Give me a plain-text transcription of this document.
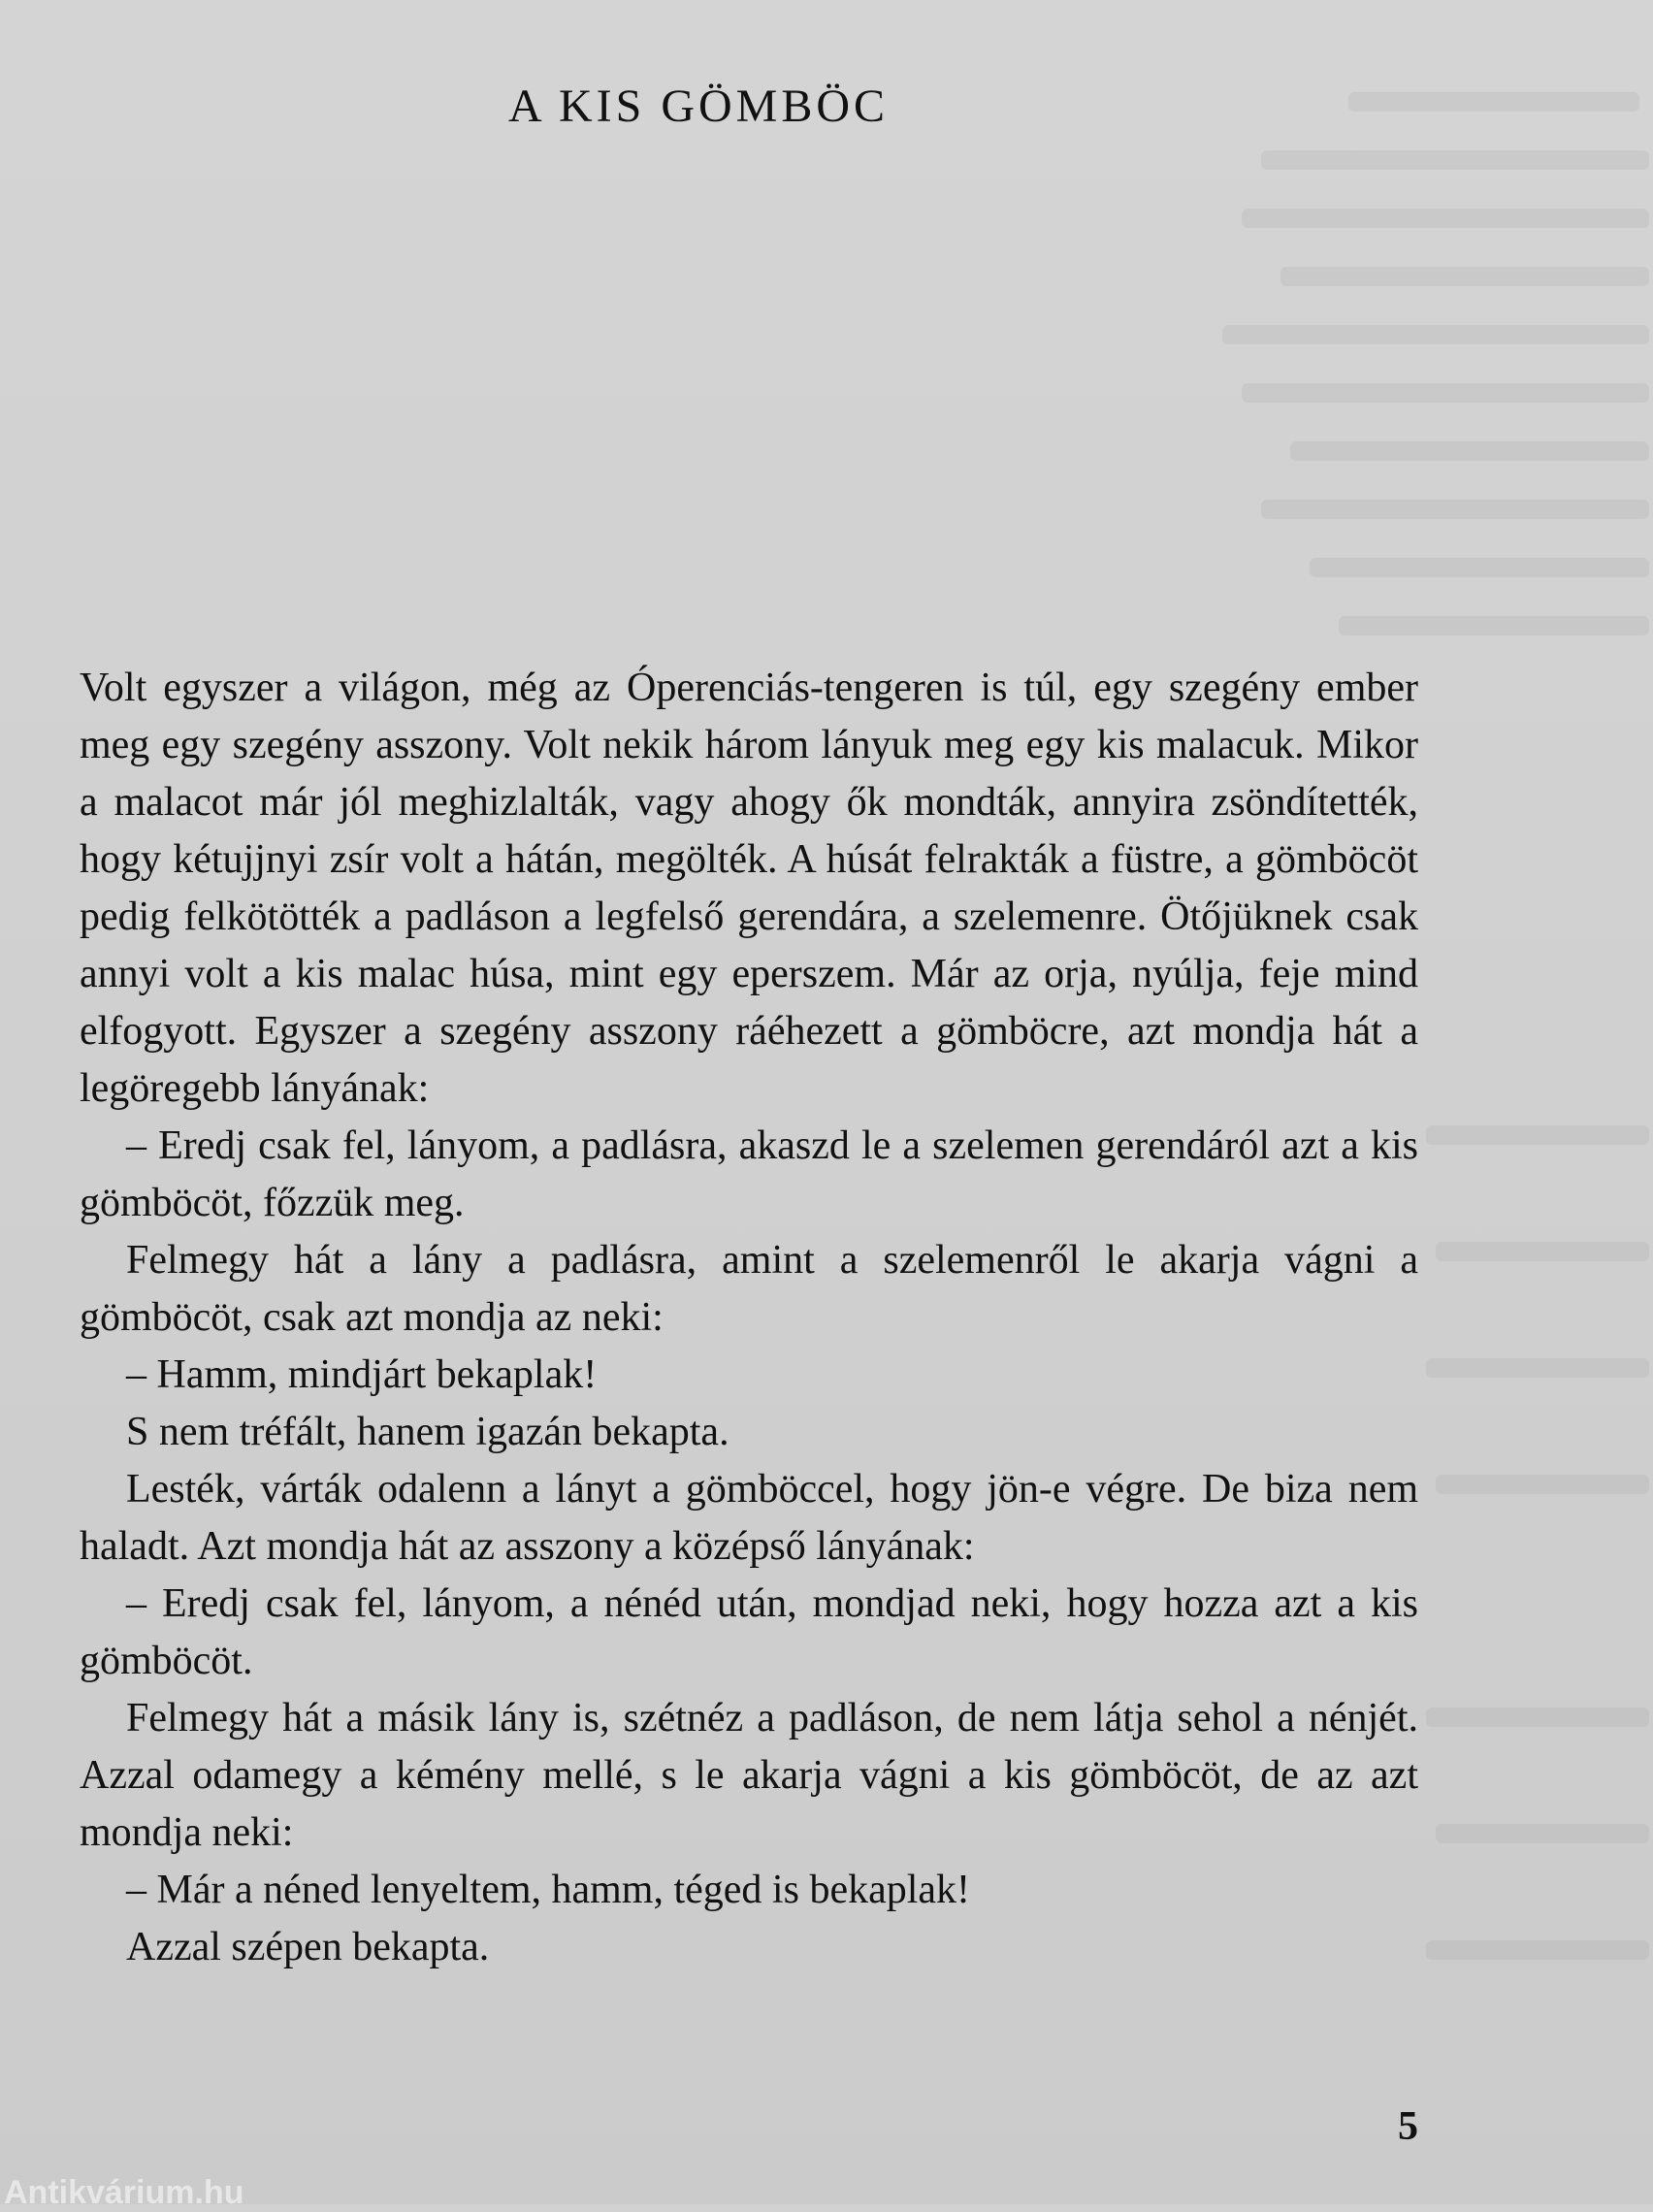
A KIS GÖMBÖC

Volt egyszer a világon, még az Óperenciás-tengeren is túl, egy szegény ember meg egy szegény asszony. Volt nekik három lányuk meg egy kis malacuk. Mikor a malacot már jól meghizlalták, vagy ahogy ők mondták, annyira zsöndítették, hogy kétujjnyi zsír volt a hátán, megölték. A húsát felrakták a füstre, a gömböcöt pedig felkötötték a padláson a legfelső gerendára, a szelemenre. Ötőjüknek csak annyi volt a kis malac húsa, mint egy eperszem. Már az orja, nyúlja, feje mind elfogyott. Egyszer a szegény asszony ráéhezett a gömböcre, azt mondja hát a legöregebb lányának:

– Eredj csak fel, lányom, a padlásra, akaszd le a szelemen gerendáról azt a kis gömböcöt, főzzük meg.

Felmegy hát a lány a padlásra, amint a szelemenről le akarja vágni a gömböcöt, csak azt mondja az neki:

– Hamm, mindjárt bekaplak!

S nem tréfált, hanem igazán bekapta.

Lesték, várták odalenn a lányt a gömböccel, hogy jön-e végre. De biza nem haladt. Azt mondja hát az asszony a középső lányának:

– Eredj csak fel, lányom, a nénéd után, mondjad neki, hogy hozza azt a kis gömböcöt.

Felmegy hát a másik lány is, szétnéz a padláson, de nem látja sehol a nénjét. Azzal odamegy a kémény mellé, s le akarja vágni a kis gömböcöt, de az azt mondja neki:

– Már a néned lenyeltem, hamm, téged is bekaplak!

Azzal szépen bekapta.

5
Antikvárium.hu
